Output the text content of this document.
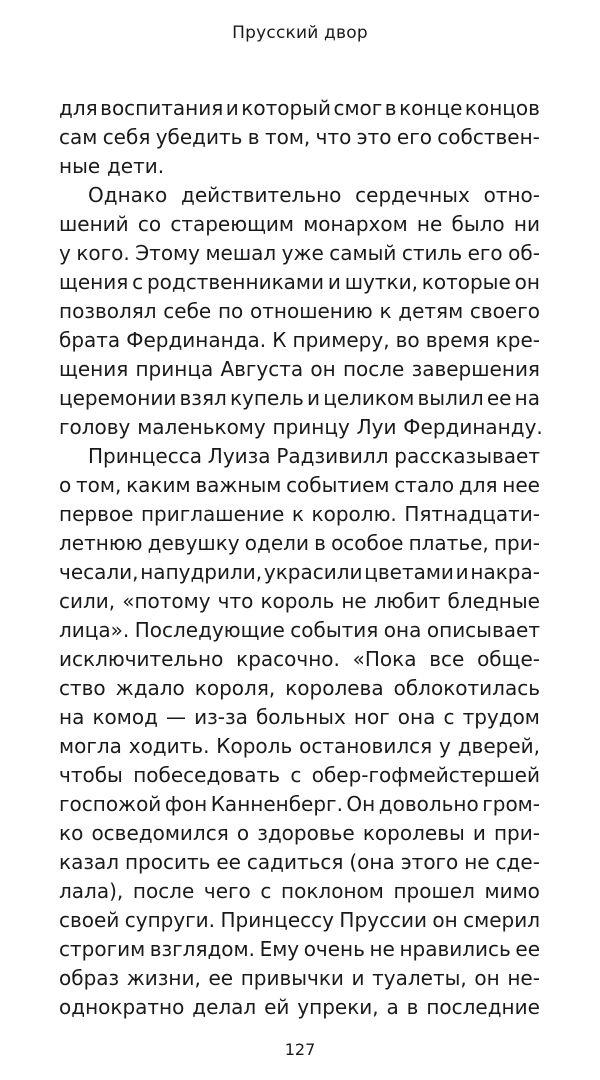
Прусский двор
для воспитания и который смог в конце концов
сам себя убедить в том, что это его собствен-
ные дети.
Однако действительно сердечных отно-
шений со стареющим монархом не было ни
у кого. Этому мешал уже самый стиль его об-
щения с родственниками и шутки, которые он
позволял себе по отношению к детям своего
брата Фердинанда. К примеру, во время кре-
щения принца Августа он после завершения
церемонии взял купель и целиком вылил ее на
голову маленькому принцу Луи Фердинанду.
Принцесса Луиза Радзивилл рассказывает
о том, каким важным событием стало для нее
первое приглашение к королю. Пятнадцати-
летнюю девушку одели в особое платье, при-
чесали, напудрили, украсили цветами и накра-
сили, «потому что король не любит бледные
лица». Последующие события она описывает
исключительно красочно. «Пока все обще-
ство ждало короля, королева облокотилась
на комод — из-за больных ног она с трудом
могла ходить. Король остановился у дверей,
чтобы побеседовать с обер-гофмейстершей
госпожой фон Канненберг. Он довольно гром-
ко осведомился о здоровье королевы и при-
казал просить ее садиться (она этого не сде-
лала), после чего с поклоном прошел мимо
своей супруги. Принцессу Пруссии он смерил
строгим взглядом. Ему очень не нравились ее
образ жизни, ее привычки и туалеты, он не-
однократно делал ей упреки, а в последние
127
